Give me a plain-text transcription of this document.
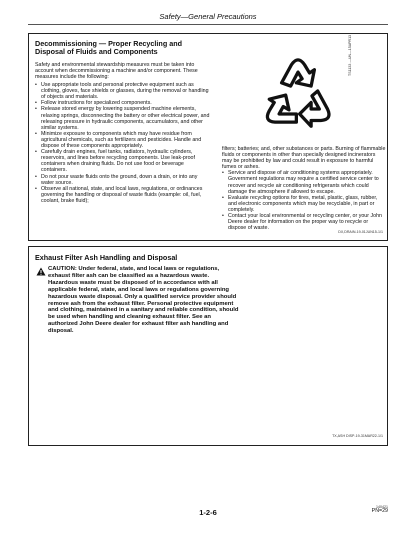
Safety—General Precautions
Decommissioning — Proper Recycling and Disposal of Fluids and Components
Safety and environmental stewardship measures must be taken into account when decommissioning a machine and/or component. These measures include the following:
• Use appropriate tools and personal protective equipment such as clothing, gloves, face shields or glasses, during the removal or handling of objects and materials.
• Follow instructions for specialized components.
• Release stored energy by lowering suspended machine elements, relaxing springs, disconnecting the battery or other electrical power, and releasing pressure in hydraulic components, accumulators, and other similar systems.
• Minimize exposure to components which may have residue from agricultural chemicals, such as fertilizers and pesticides. Handle and dispose of these components appropriately.
• Carefully drain engines, fuel tanks, radiators, hydraulic cylinders, reservoirs, and lines before recycling components. Use leak-proof containers when draining fluids. Do not use food or beverage containers.
• Do not pour waste fluids onto the ground, down a drain, or into any water source.
• Observe all national, state, and local laws, regulations, or ordinances governing the handling or disposal of waste fluids (example: oil, fuel, coolant, brake fluid);
TS1133 —UN—15APR13
filters; batteries; and, other substances or parts. Burning of flammable fluids or components in other than specially designed incinerators may be prohibited by law and could result in exposure to harmful fumes or ashes.
• Service and dispose of air conditioning systems appropriately. Government regulations may require a certified service center to recover and recycle air conditioning refrigerants which could damage the atmosphere if allowed to escape.
• Evaluate recycling options for tires, metal, plastic, glass, rubber, and electronic components which may be recyclable, in part or completely.
• Contact your local environmental or recycling center, or your John Deere dealer for information on the proper way to recycle or dispose of waste.
DX,DRAIN-19-01JUN15-1/1
Exhaust Filter Ash Handling and Disposal
CAUTION: Under federal, state, and local laws or regulations, exhaust filter ash can be classified as a hazardous waste. Hazardous waste must be disposed of in accordance with all applicable federal, state, and local laws or regulations governing hazardous waste disposal. Only a qualified service provider should remove ash from the exhaust filter. Personal protective equipment and clothing, maintained in a sanitary and reliable condition, should be used when handling and cleaning exhaust filter. See an authorized John Deere dealer for exhaust filter ash handling and disposal.
TX,ASH DISP-19-31MAR22-1/1
1-2-6
140421
PN=29
